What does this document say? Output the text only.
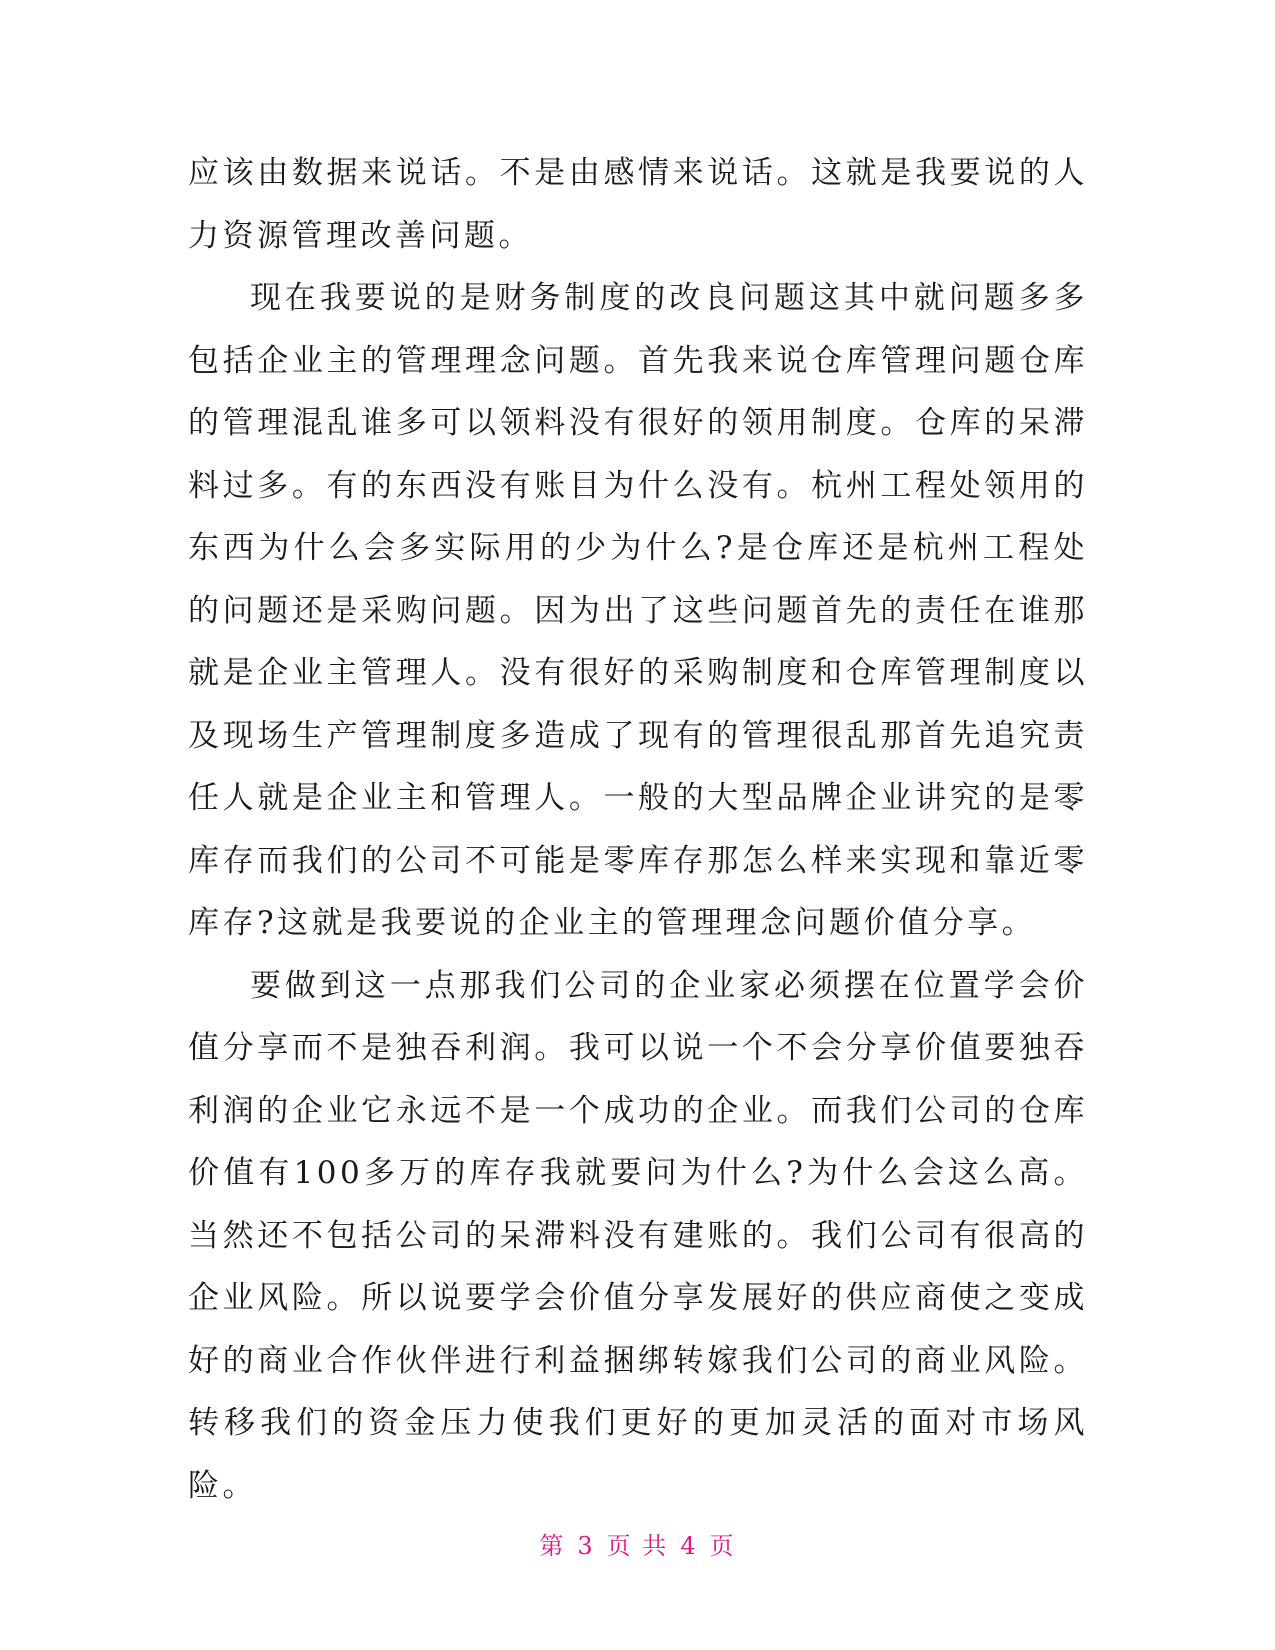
应该由数据来说话。不是由感情来说话。这就是我要说的人力资源管理改善问题。

现在我要说的是财务制度的改良问题这其中就问题多多包括企业主的管理理念问题。首先我来说仓库管理问题仓库的管理混乱谁多可以领料没有很好的领用制度。仓库的呆滞料过多。有的东西没有账目为什么没有。杭州工程处领用的东西为什么会多实际用的少为什么?是仓库还是杭州工程处的问题还是采购问题。因为出了这些问题首先的责任在谁那就是企业主管理人。没有很好的采购制度和仓库管理制度以及现场生产管理制度多造成了现有的管理很乱那首先追究责任人就是企业主和管理人。一般的大型品牌企业讲究的是零库存而我们的公司不可能是零库存那怎么样来实现和靠近零库存?这就是我要说的企业主的管理理念问题价值分享。

要做到这一点那我们公司的企业家必须摆在位置学会价值分享而不是独吞利润。我可以说一个不会分享价值要独吞利润的企业它永远不是一个成功的企业。而我们公司的仓库价值有100多万的库存我就要问为什么?为什么会这么高。当然还不包括公司的呆滞料没有建账的。我们公司有很高的企业风险。所以说要学会价值分享发展好的供应商使之变成好的商业合作伙伴进行利益捆绑转嫁我们公司的商业风险。转移我们的资金压力使我们更好的更加灵活的面对市场风险。

第 3 页 共 4 页
